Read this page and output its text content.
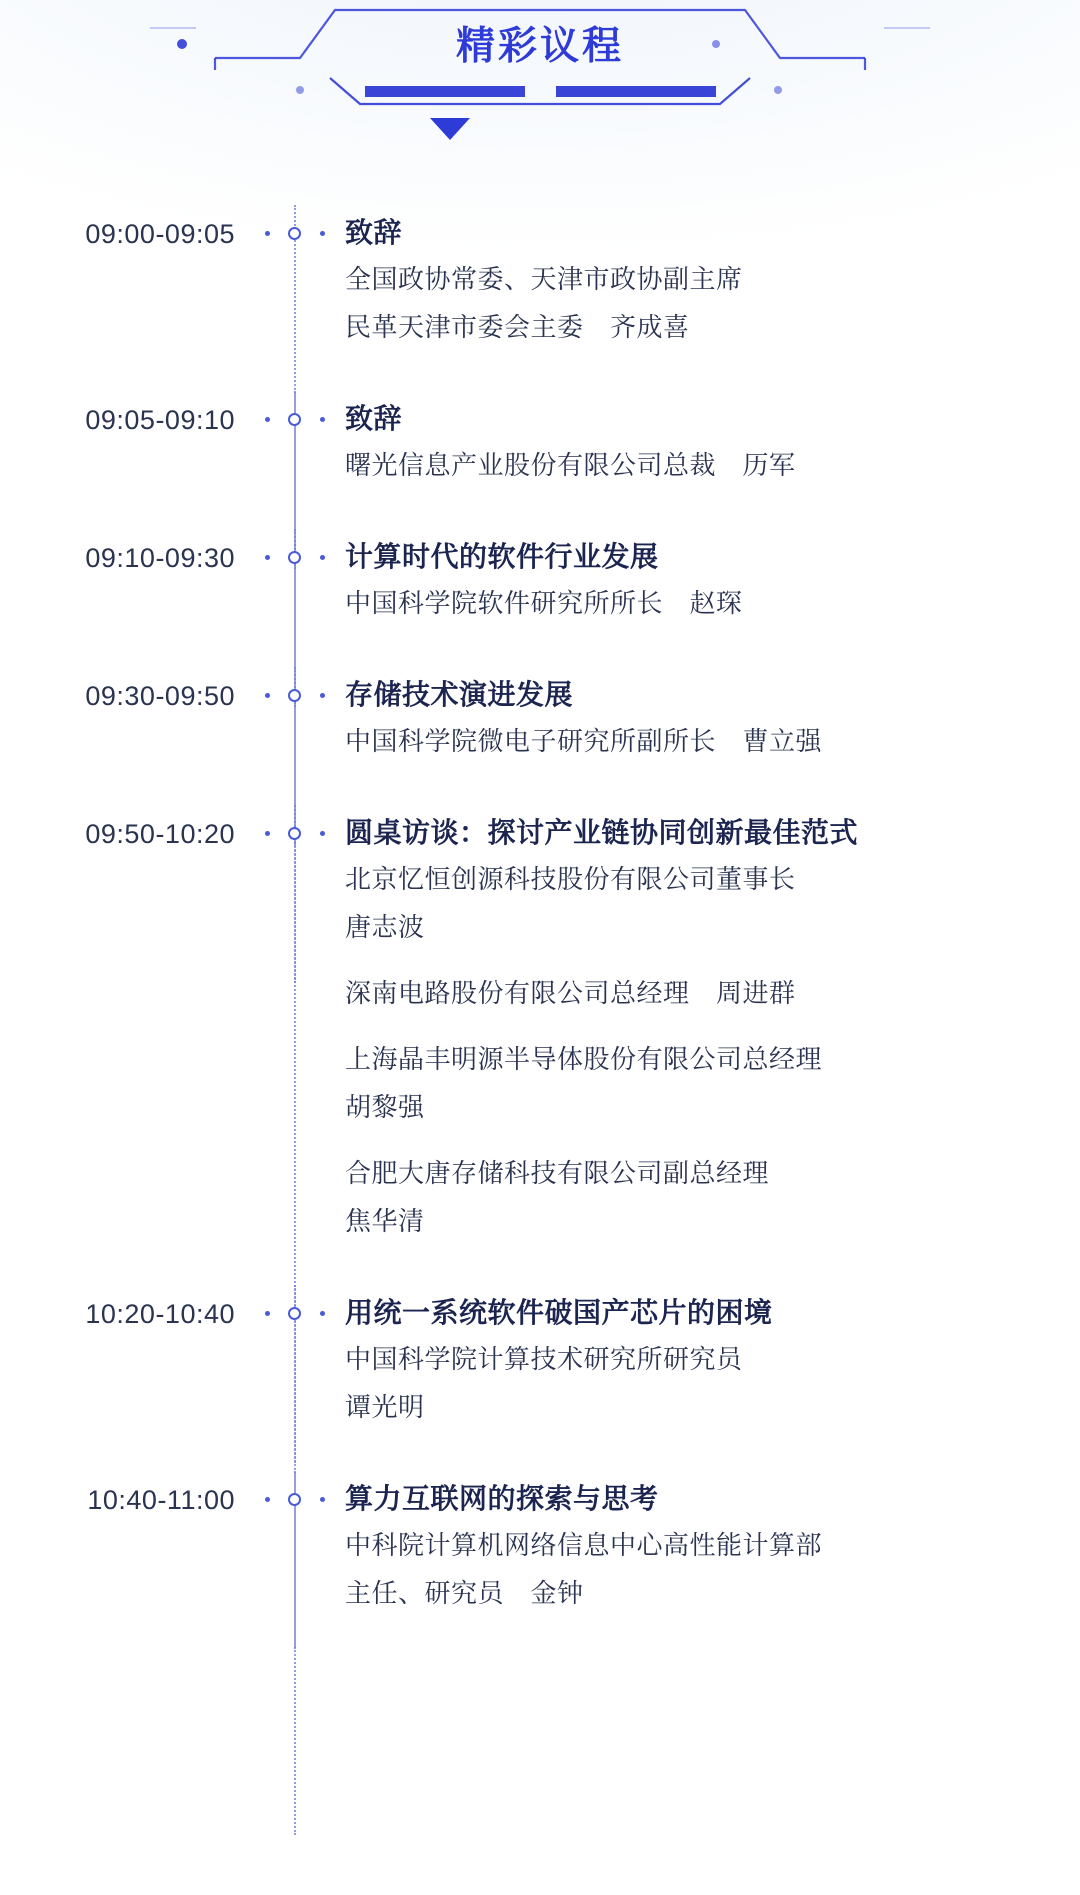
精彩议程
09:00-09:05	致辞
全国政协常委、天津市政协副主席
民革天津市委会主委　齐成喜
09:05-09:10	致辞
曙光信息产业股份有限公司总裁　历军
09:10-09:30	计算时代的软件行业发展
中国科学院软件研究所所长　赵琛
09:30-09:50	存储技术演进发展
中国科学院微电子研究所副所长　曹立强
09:50-10:20	圆桌访谈：探讨产业链协同创新最佳范式
北京忆恒创源科技股份有限公司董事长
唐志波
深南电路股份有限公司总经理　周进群
上海晶丰明源半导体股份有限公司总经理
胡黎强
合肥大唐存储科技有限公司副总经理
焦华清
10:20-10:40	用统一系统软件破国产芯片的困境
中国科学院计算技术研究所研究员
谭光明
10:40-11:00	算力互联网的探索与思考
中科院计算机网络信息中心高性能计算部
主任、研究员　金钟
